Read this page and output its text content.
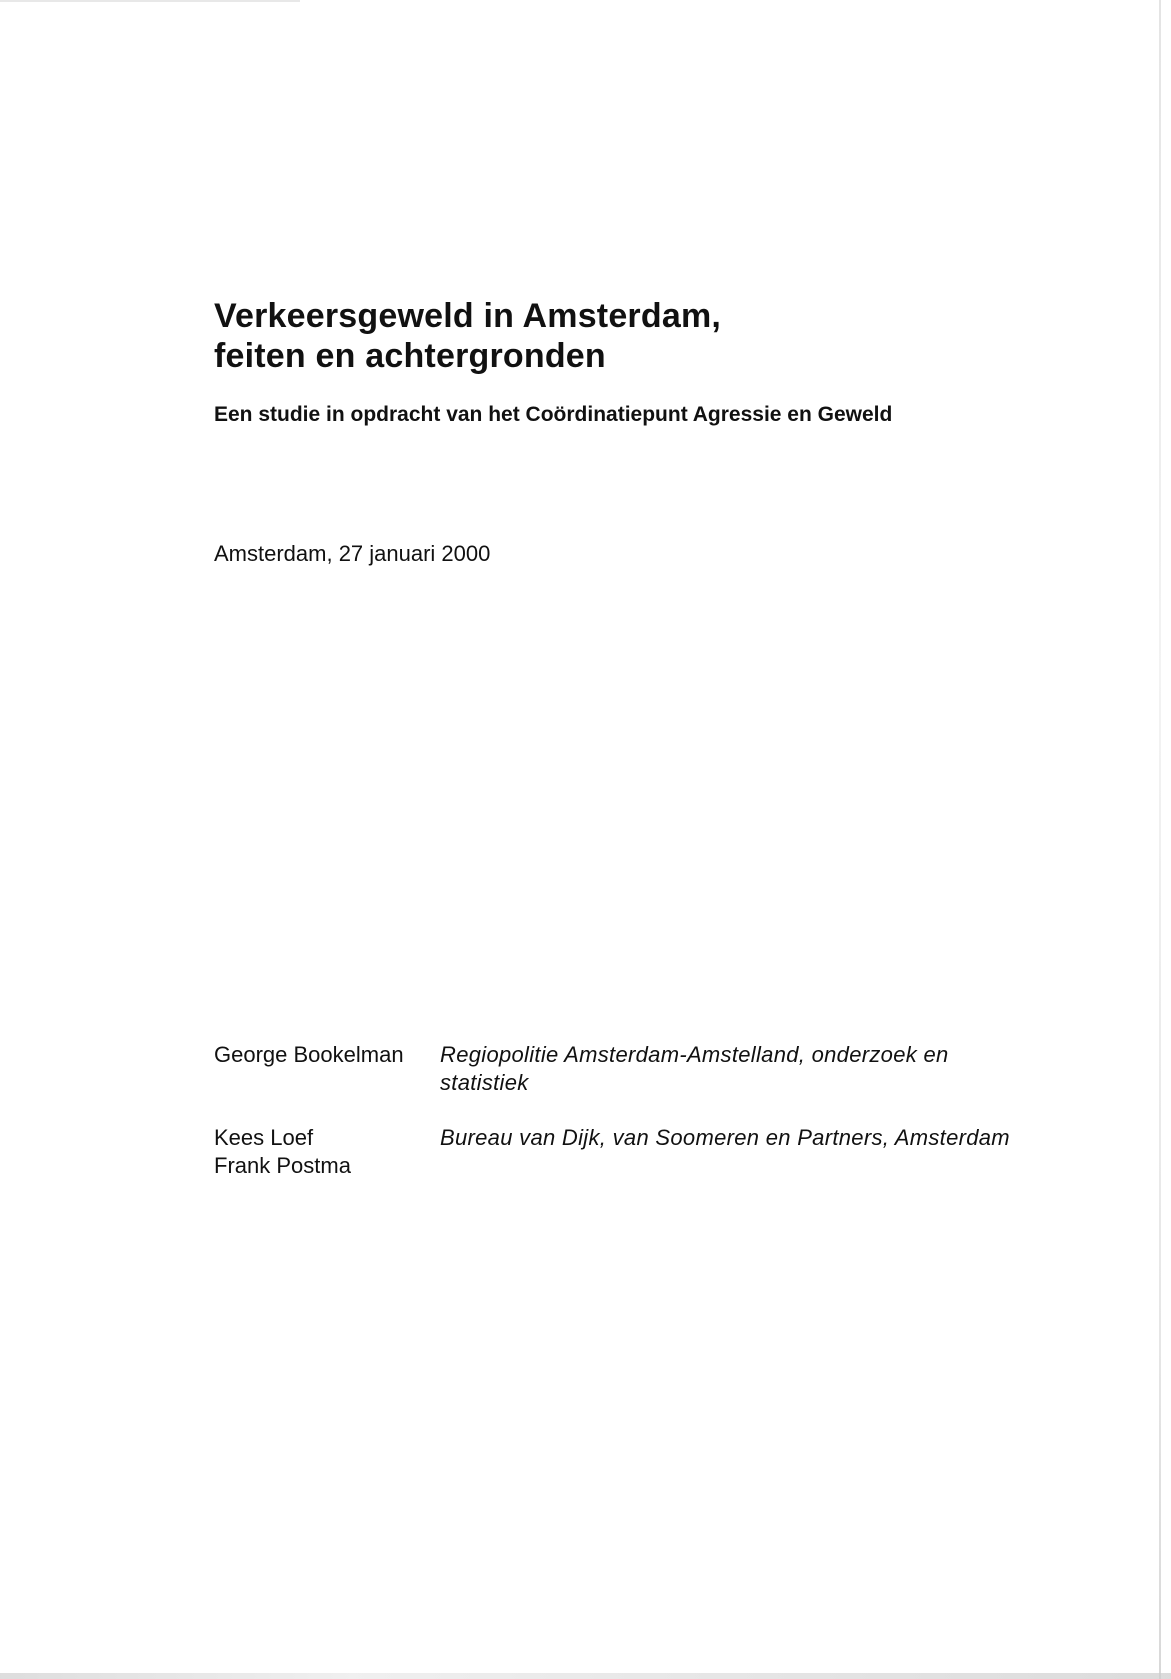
Verkeersgeweld in Amsterdam,
feiten en achtergronden

Een studie in opdracht van het Coördinatiepunt Agressie en Geweld

Amsterdam, 27 januari 2000

George Bookelman	Regiopolitie Amsterdam-Amstelland, onderzoek en statistiek
Kees Loef
Frank Postma
Bureau van Dijk, van Soomeren en Partners, Amsterdam
